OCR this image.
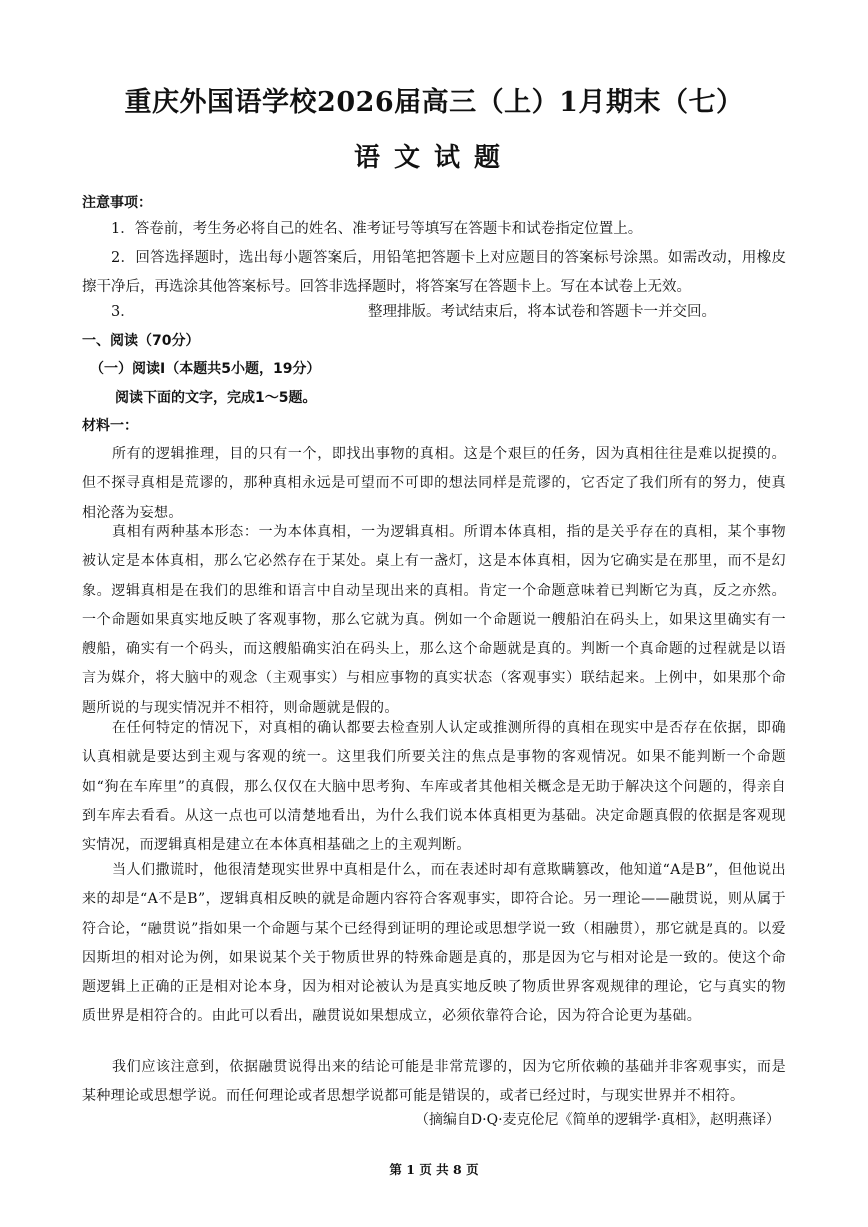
重庆外国语学校2026届高三（上）1月期末（七）
语文试题
注意事项：

1．答卷前，考生务必将自己的姓名、准考证号等填写在答题卡和试卷指定位置上。

2．回答选择题时，选出每小题答案后，用铅笔把答题卡上对应题目的答案标号涂黑。如需改动，用橡皮擦干净后，再选涂其他答案标号。回答非选择题时，将答案写在答题卡上。写在本试卷上无效。

3．	整理排版。考试结束后，将本试卷和答题卡一并交回。
一、阅读（70分）
（一）阅读Ⅰ（本题共5小题，19分）
阅读下面的文字，完成1～5题。
材料一：

所有的逻辑推理，目的只有一个，即找出事物的真相。这是个艰巨的任务，因为真相往往是难以捉摸的。但不探寻真相是荒谬的，那种真相永远是可望而不可即的想法同样是荒谬的，它否定了我们所有的努力，使真相沦落为妄想。

真相有两种基本形态：一为本体真相，一为逻辑真相。所谓本体真相，指的是关乎存在的真相，某个事物被认定是本体真相，那么它必然存在于某处。桌上有一盏灯，这是本体真相，因为它确实是在那里，而不是幻象。逻辑真相是在我们的思维和语言中自动呈现出来的真相。肯定一个命题意味着已判断它为真，反之亦然。一个命题如果真实地反映了客观事物，那么它就为真。例如一个命题说一艘船泊在码头上，如果这里确实有一艘船，确实有一个码头，而这艘船确实泊在码头上，那么这个命题就是真的。判断一个真命题的过程就是以语言为媒介，将大脑中的观念（主观事实）与相应事物的真实状态（客观事实）联结起来。上例中，如果那个命题所说的与现实情况并不相符，则命题就是假的。

在任何特定的情况下，对真相的确认都要去检查别人认定或推测所得的真相在现实中是否存在依据，即确认真相就是要达到主观与客观的统一。这里我们所要关注的焦点是事物的客观情况。如果不能判断一个命题如“狗在车库里”的真假，那么仅仅在大脑中思考狗、车库或者其他相关概念是无助于解决这个问题的，得亲自到车库去看看。从这一点也可以清楚地看出，为什么我们说本体真相更为基础。决定命题真假的依据是客观现实情况，而逻辑真相是建立在本体真相基础之上的主观判断。

当人们撒谎时，他很清楚现实世界中真相是什么，而在表述时却有意欺瞒篡改，他知道“A是B”，但他说出来的却是“A不是B”，逻辑真相反映的就是命题内容符合客观事实，即符合论。另一理论——融贯说，则从属于符合论，“融贯说”指如果一个命题与某个已经得到证明的理论或思想学说一致（相融贯），那它就是真的。以爱因斯坦的相对论为例，如果说某个关于物质世界的特殊命题是真的，那是因为它与相对论是一致的。使这个命题逻辑上正确的正是相对论本身，因为相对论被认为是真实地反映了物质世界客观规律的理论，它与真实的物质世界是相符合的。由此可以看出，融贯说如果想成立，必须依靠符合论，因为符合论更为基础。

我们应该注意到，依据融贯说得出来的结论可能是非常荒谬的，因为它所依赖的基础并非客观事实，而是某种理论或思想学说。而任何理论或者思想学说都可能是错误的，或者已经过时，与现实世界并不相符。

（摘编自D·Q·麦克伦尼《简单的逻辑学·真相》，赵明燕译）
第 1 页 共 8 页
